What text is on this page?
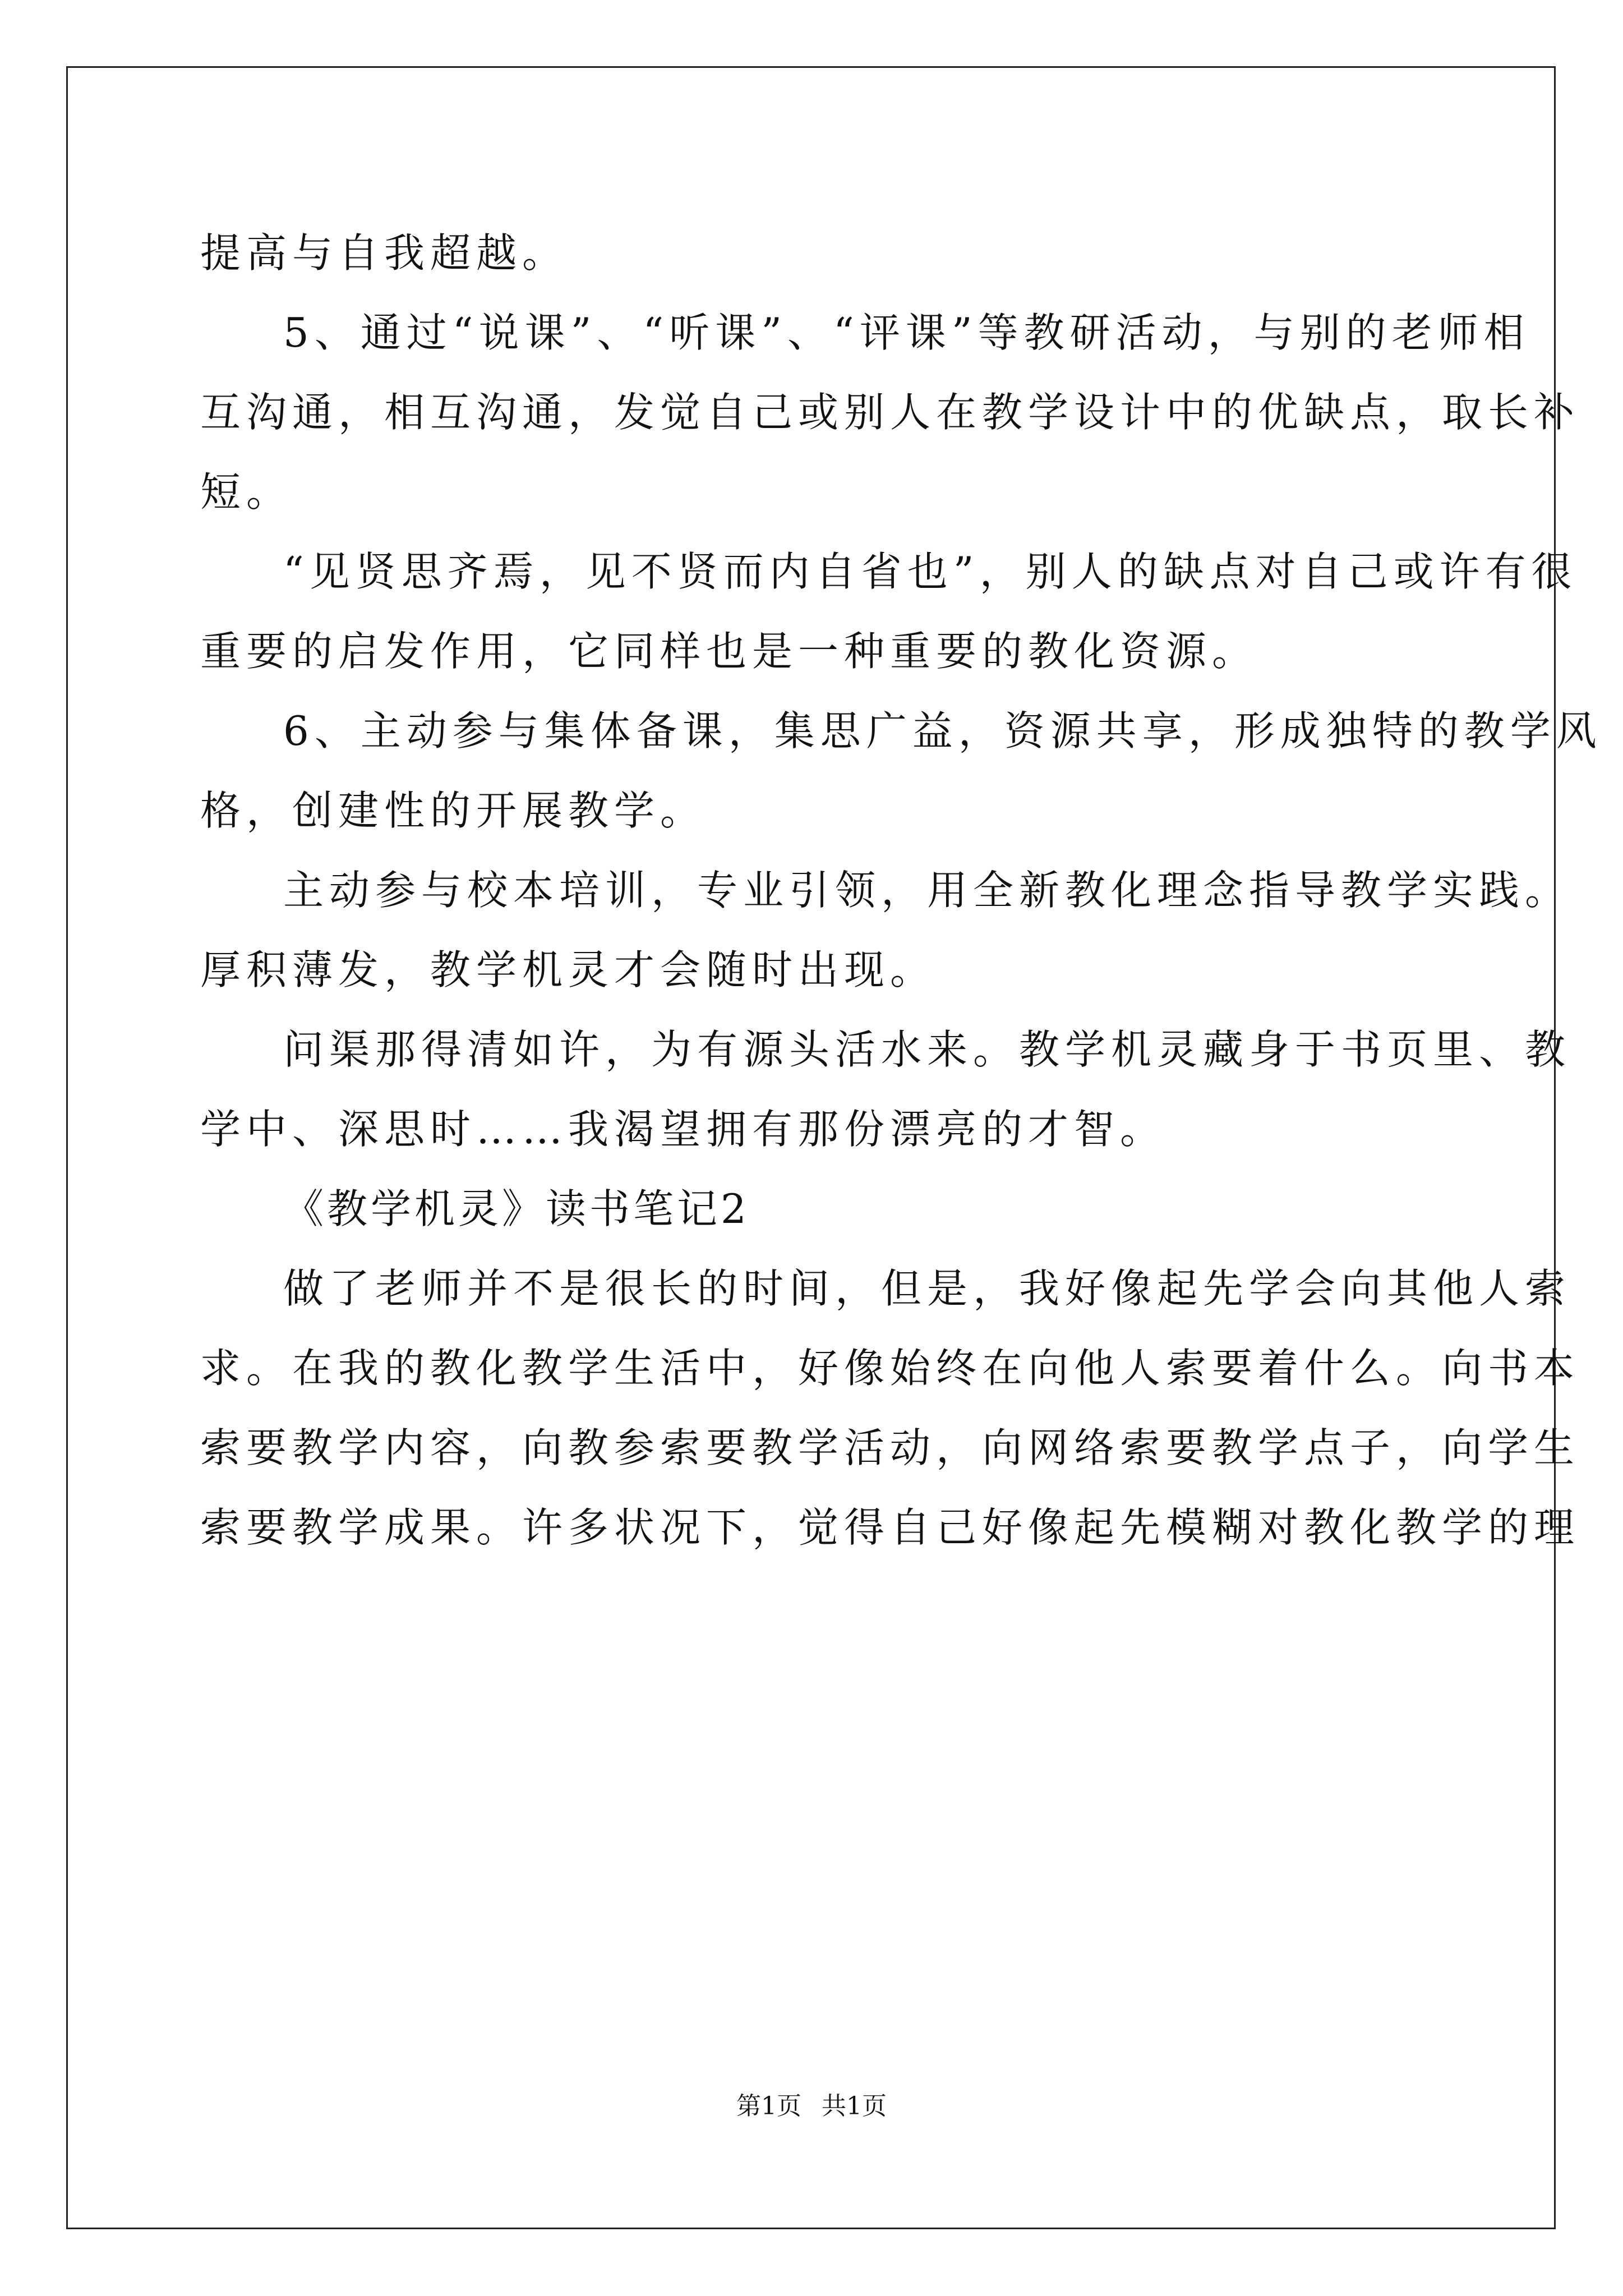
提高与自我超越。
5、通过“说课”、“听课”、“评课”等教研活动，与别的老师相
互沟通，相互沟通，发觉自己或别人在教学设计中的优缺点，取长补
短。
“见贤思齐焉，见不贤而内自省也”，别人的缺点对自己或许有很
重要的启发作用，它同样也是一种重要的教化资源。
6、主动参与集体备课，集思广益，资源共享，形成独特的教学风
格，创建性的开展教学。
主动参与校本培训，专业引领，用全新教化理念指导教学实践。
厚积薄发，教学机灵才会随时出现。
问渠那得清如许，为有源头活水来。教学机灵藏身于书页里、教
学中、深思时……我渴望拥有那份漂亮的才智。
《教学机灵》读书笔记2
做了老师并不是很长的时间，但是，我好像起先学会向其他人索
求。在我的教化教学生活中，好像始终在向他人索要着什么。向书本
索要教学内容，向教参索要教学活动，向网络索要教学点子，向学生
索要教学成果。许多状况下，觉得自己好像起先模糊对教化教学的理
第1页 共1页
